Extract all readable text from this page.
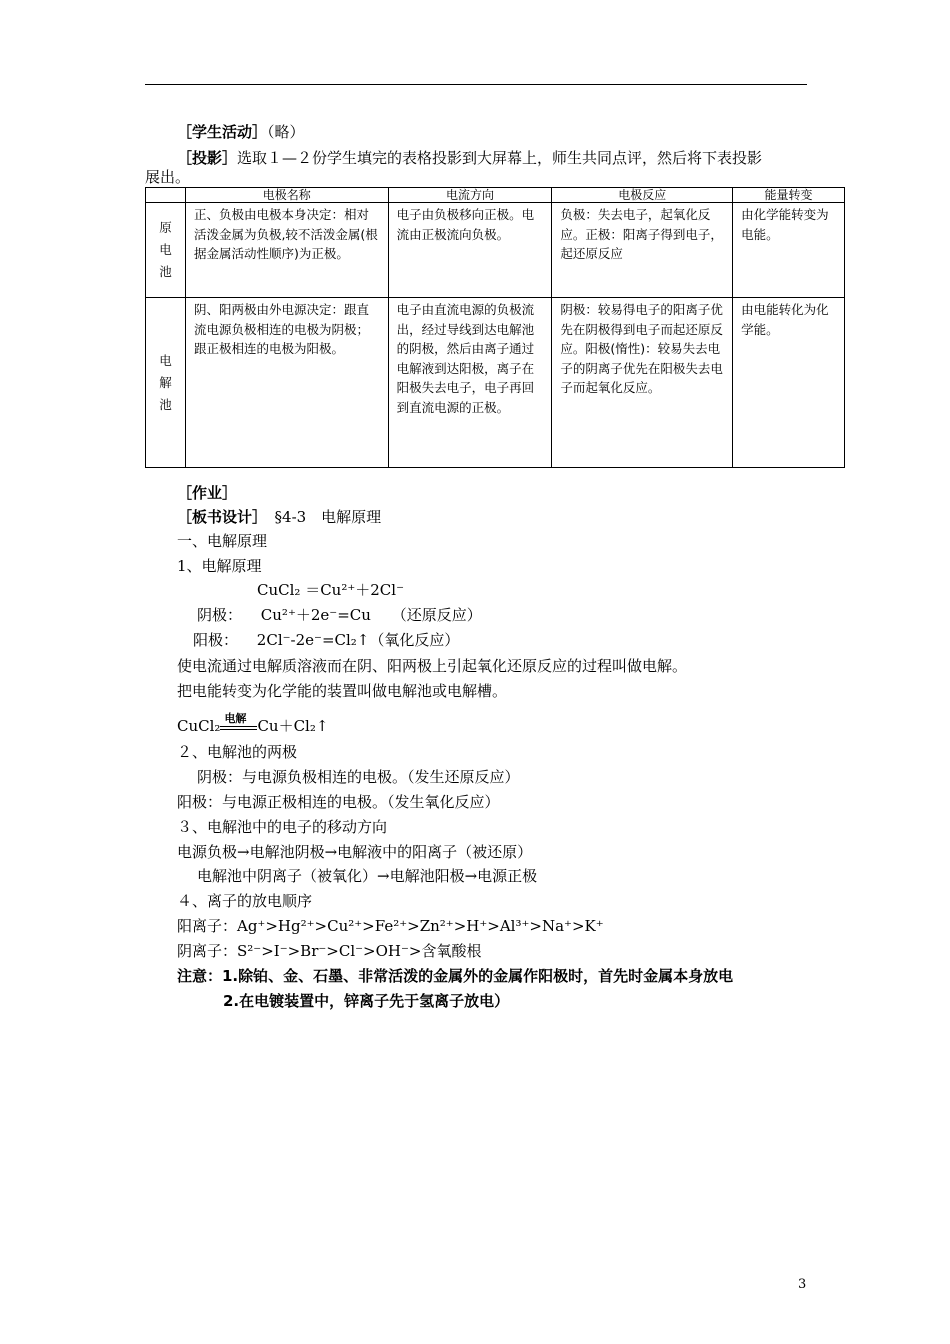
［学生活动］（略）
［投影］选取１—２份学生填完的表格投影到大屏幕上，师生共同点评，然后将下表投影
展出。
	电极名称	电流方向	电极反应	能量转变
原电池	正、负极由电极本身决定：相对活泼金属为负极,较不活泼金属(根据金属活动性顺序)为正极。	电子由负极移向正极。电流由正极流向负极。	负极：失去电子，起氧化反应。正极：阳离子得到电子，起还原反应	由化学能转变为电能。
电解池	阴、阳两极由外电源决定：跟直流电源负极相连的电极为阴极；跟正极相连的电极为阳极。	电子由直流电源的负极流出，经过导线到达电解池的阴极，然后由离子通过电解液到达阳极，离子在阳极失去电子，电子再回到直流电源的正极。	阴极：较易得电子的阳离子优先在阴极得到电子而起还原反应。阳极(惰性)：较易失去电子的阴离子优先在阳极失去电子而起氧化反应。	由电能转化为化学能。
［作业］
［板书设计］　 §4-3　电解原理
一、电解原理
1、电解原理
CuCl₂ ＝Cu²⁺＋2Cl⁻
阴极： Cu²⁺＋2e⁻=Cu （还原反应）
阳极： 2Cl⁻-2e⁻=Cl₂↑（氧化反应）
使电流通过电解质溶液而在阴、阳两极上引起氧化还原反应的过程叫做电解。
把电能转变为化学能的装置叫做电解池或电解槽。
CuCl₂ 电解 Cu＋Cl₂↑
２、电解池的两极
阴极：与电源负极相连的电极。（发生还原反应）
阳极：与电源正极相连的电极。（发生氧化反应）
３、电解池中的电子的移动方向
电源负极→电解池阴极→电解液中的阳离子（被还原）
电解池中阴离子（被氧化）→电解池阳极→电源正极
４、离子的放电顺序
阳离子：Ag⁺>Hg²⁺>Cu²⁺>Fe²⁺>Zn²⁺>H⁺>Al³⁺>Na⁺>K⁺
阴离子：S²⁻>I⁻>Br⁻>Cl⁻>OH⁻>含氧酸根
注意：1.除铂、金、石墨、非常活泼的金属外的金属作阳极时，首先时金属本身放电
2.在电镀装置中，锌离子先于氢离子放电）
3
